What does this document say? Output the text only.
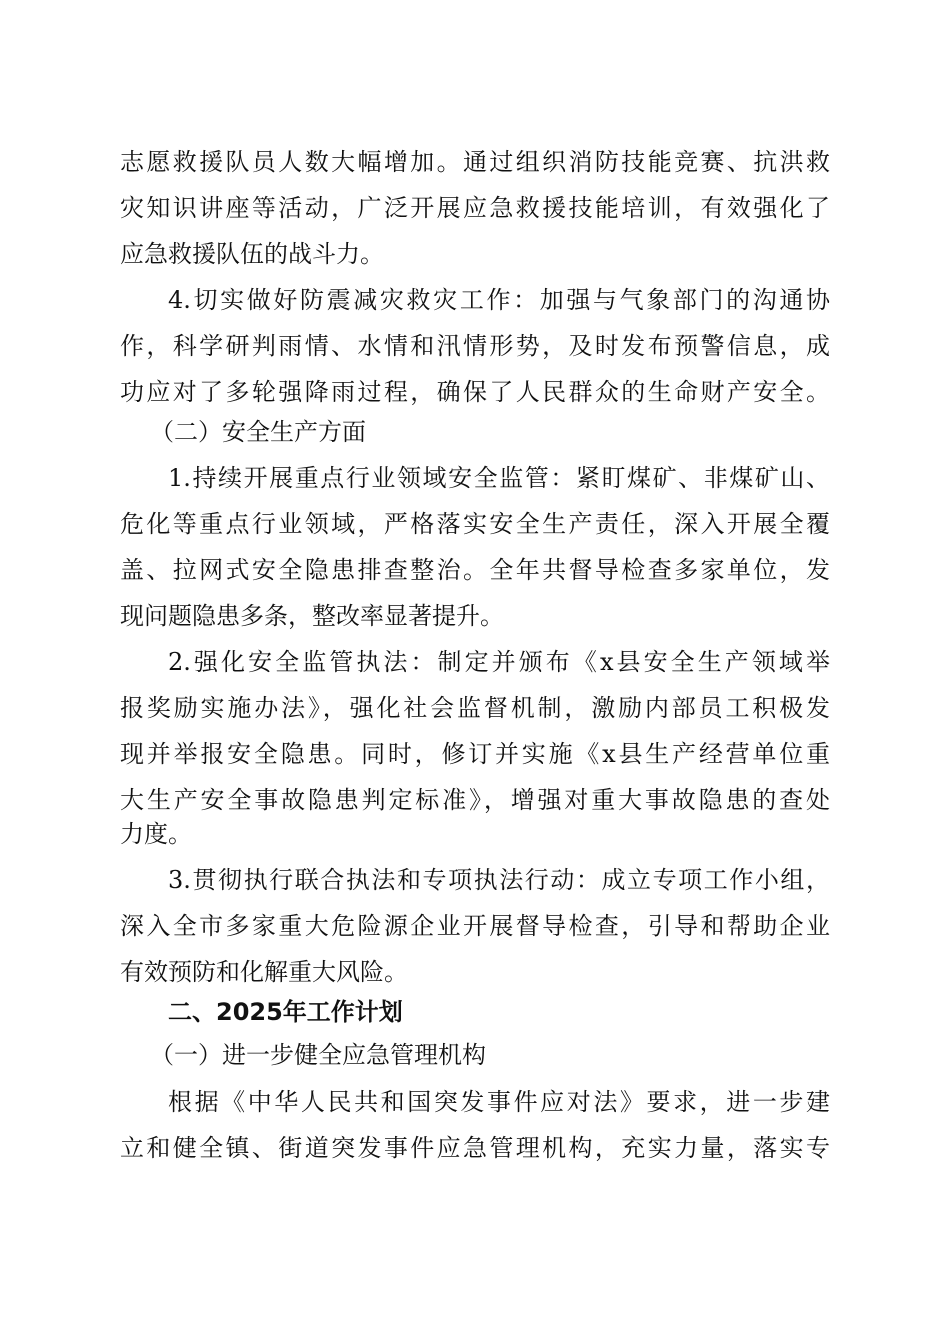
志愿救援队员人数大幅增加。通过组织消防技能竞赛、抗洪救
灾知识讲座等活动，广泛开展应急救援技能培训，有效强化了
应急救援队伍的战斗力。
4.切实做好防震减灾救灾工作：加强与气象部门的沟通协
作，科学研判雨情、水情和汛情形势，及时发布预警信息，成
功应对了多轮强降雨过程，确保了人民群众的生命财产安全。
（二）安全生产方面
1.持续开展重点行业领域安全监管：紧盯煤矿、非煤矿山、
危化等重点行业领域，严格落实安全生产责任，深入开展全覆
盖、拉网式安全隐患排查整治。全年共督导检查多家单位，发
现问题隐患多条，整改率显著提升。
2.强化安全监管执法：制定并颁布《x县安全生产领域举
报奖励实施办法》，强化社会监督机制，激励内部员工积极发
现并举报安全隐患。同时，修订并实施《x县生产经营单位重
大生产安全事故隐患判定标准》，增强对重大事故隐患的查处
力度。
3.贯彻执行联合执法和专项执法行动：成立专项工作小组，
深入全市多家重大危险源企业开展督导检查，引导和帮助企业
有效预防和化解重大风险。
二、2025年工作计划
（一）进一步健全应急管理机构
根据《中华人民共和国突发事件应对法》要求，进一步建
立和健全镇、街道突发事件应急管理机构，充实力量，落实专
